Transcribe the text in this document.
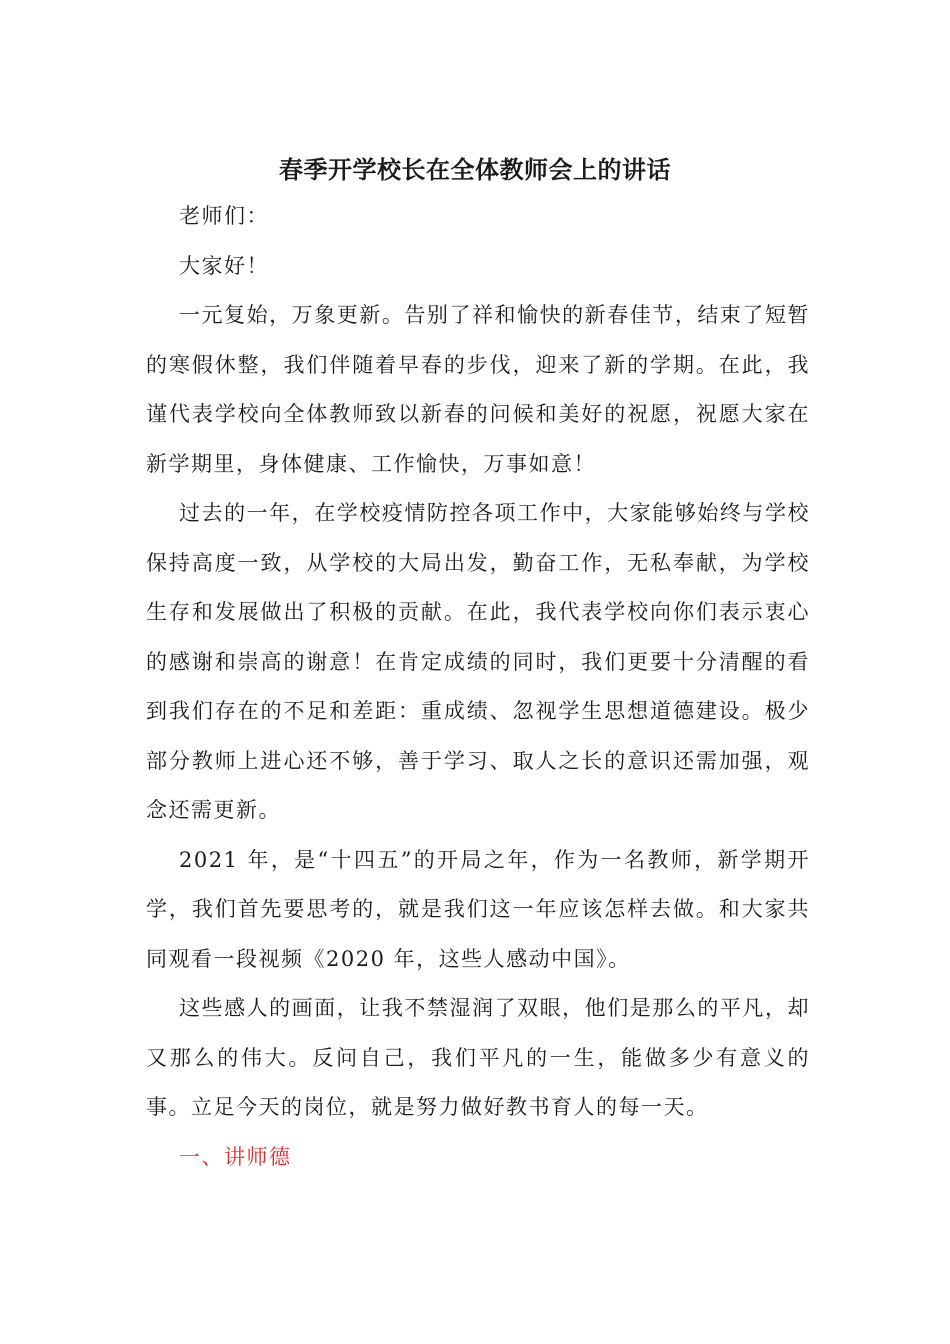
春季开学校长在全体教师会上的讲话

老师们：

大家好！

一元复始，万象更新。告别了祥和愉快的新春佳节，结束了短暂的寒假休整，我们伴随着早春的步伐，迎来了新的学期。在此，我谨代表学校向全体教师致以新春的问候和美好的祝愿，祝愿大家在新学期里，身体健康、工作愉快，万事如意！

过去的一年，在学校疫情防控各项工作中，大家能够始终与学校保持高度一致，从学校的大局出发，勤奋工作，无私奉献，为学校生存和发展做出了积极的贡献。在此，我代表学校向你们表示衷心的感谢和崇高的谢意！在肯定成绩的同时，我们更要十分清醒的看到我们存在的不足和差距：重成绩、忽视学生思想道德建设。极少部分教师上进心还不够，善于学习、取人之长的意识还需加强，观念还需更新。

2021 年，是“十四五”的开局之年，作为一名教师，新学期开学，我们首先要思考的，就是我们这一年应该怎样去做。和大家共同观看一段视频《2020 年，这些人感动中国》。

这些感人的画面，让我不禁湿润了双眼，他们是那么的平凡，却又那么的伟大。反问自己，我们平凡的一生，能做多少有意义的事。立足今天的岗位，就是努力做好教书育人的每一天。

一、讲师德
